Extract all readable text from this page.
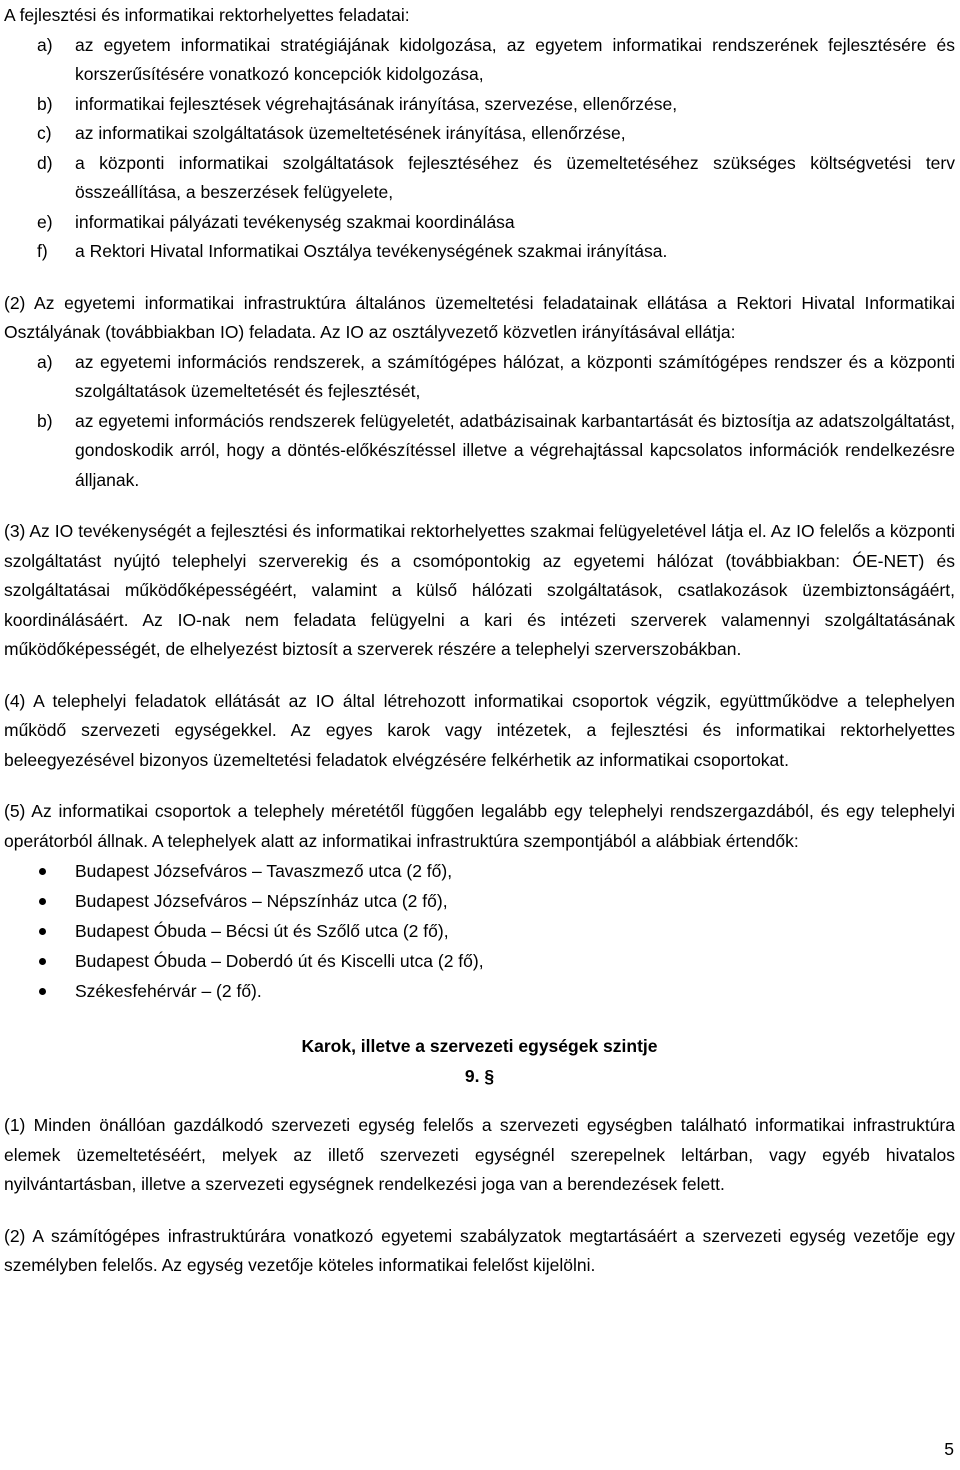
A fejlesztési és informatikai rektorhelyettes feladatai:

a) az egyetem informatikai stratégiájának kidolgozása, az egyetem informatikai rendszerének fejlesztésére és korszerűsítésére vonatkozó koncepciók kidolgozása,
b) informatikai fejlesztések végrehajtásának irányítása, szervezése, ellenőrzése,
c) az informatikai szolgáltatások üzemeltetésének irányítása, ellenőrzése,
d) a központi informatikai szolgáltatások fejlesztéséhez és üzemeltetéséhez szükséges költségvetési terv összeállítása, a beszerzések felügyelete,
e) informatikai pályázati tevékenység szakmai koordinálása
f) a Rektori Hivatal Informatikai Osztálya tevékenységének szakmai irányítása.

(2) Az egyetemi informatikai infrastruktúra általános üzemeltetési feladatainak ellátása a Rektori Hivatal Informatikai Osztályának (továbbiakban IO) feladata. Az IO az osztályvezető közvetlen irányításával ellátja:

a) az egyetemi információs rendszerek, a számítógépes hálózat, a központi számítógépes rendszer és a központi szolgáltatások üzemeltetését és fejlesztését,
b) az egyetemi információs rendszerek felügyeletét, adatbázisainak karbantartását és biztosítja az adatszolgáltatást, gondoskodik arról, hogy a döntés-előkészítéssel illetve a végrehajtással kapcsolatos információk rendelkezésre álljanak.

(3) Az IO tevékenységét a fejlesztési és informatikai rektorhelyettes szakmai felügyeletével látja el. Az IO felelős a központi szolgáltatást nyújtó telephelyi szerverekig és a csomópontokig az egyetemi hálózat (továbbiakban: ÓE-NET) és szolgáltatásai működőképességéért, valamint a külső hálózati szolgáltatások, csatlakozások üzembiztonságáért, koordinálásáért. Az IO-nak nem feladata felügyelni a kari és intézeti szerverek valamennyi szolgáltatásának működőképességét, de elhelyezést biztosít a szerverek részére a telephelyi szerverszobákban.

(4) A telephelyi feladatok ellátását az IO által létrehozott informatikai csoportok végzik, együttműködve a telephelyen működő szervezeti egységekkel. Az egyes karok vagy intézetek, a fejlesztési és informatikai rektorhelyettes beleegyezésével bizonyos üzemeltetési feladatok elvégzésére felkérhetik az informatikai csoportokat.

(5) Az informatikai csoportok a telephely méretétől függően legalább egy telephelyi rendszergazdából, és egy telephelyi operátorból állnak. A telephelyek alatt az informatikai infrastruktúra szempontjából a alábbiak értendők:

Budapest Józsefváros – Tavaszmező utca (2 fő),
Budapest Józsefváros – Népszínház utca (2 fő),
Budapest Óbuda – Bécsi út és Szőlő utca (2 fő),
Budapest Óbuda – Doberdó út és Kiscelli utca (2 fő),
Székesfehérvár – (2 fő).

Karok, illetve a szervezeti egységek szintje

9. §

(1) Minden önállóan gazdálkodó szervezeti egység felelős a szervezeti egységben található informatikai infrastruktúra elemek üzemeltetéséért, melyek az illető szervezeti egységnél szerepelnek leltárban, vagy egyéb hivatalos nyilvántartásban, illetve a szervezeti egységnek rendelkezési joga van a berendezések felett.

(2) A számítógépes infrastruktúrára vonatkozó egyetemi szabályzatok megtartásáért a szervezeti egység vezetője egy személyben felelős. Az egység vezetője köteles informatikai felelőst kijelölni.

5
